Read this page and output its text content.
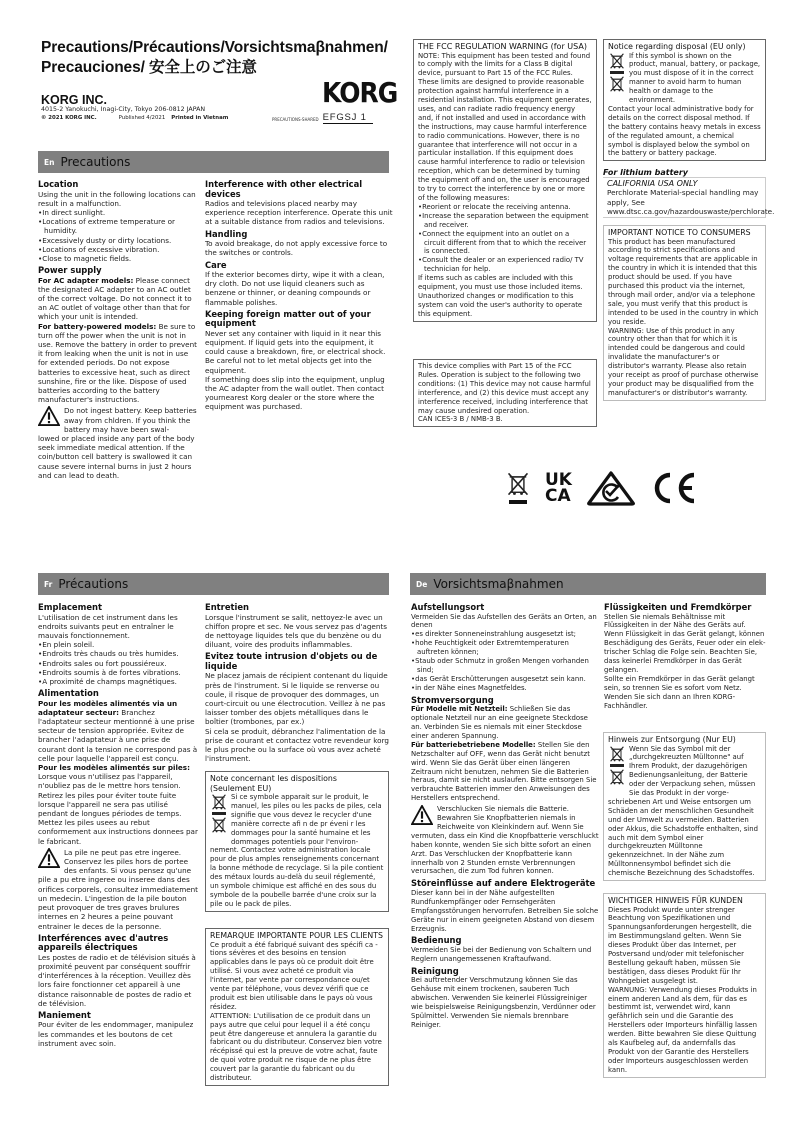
Precautions/Précautions/Vorsichtsmaβnahmen/
Precauciones/ 安全上のご注意
KORG INC.
4015-2 Yanokuchi, Inagi-City, Tokyo 206-0812 JAPAN
© 2021 KORG INC.	Published 4/2021 Printed in Vietnam
KORG
PRECAUTIONS-SHARED EFGSJ 1
En Precautions
Location

Using the unit in the following locations can result in a malfunction.

• In direct sunlight.
• Locations of extreme temperature or humidity.
• Excessively dusty or dirty locations.
• Locations of excessive vibration.
• Close to magnetic fields.
Power supply

For AC adapter models: Please connect the designated AC adapter to an AC outlet of the correct voltage. Do not connect it to an AC outlet of voltage other than that for which your unit is intended.

For battery-powered models: Be sure to turn off the power when the unit is not in use. Remove the battery in order to prevent it from leaking when the unit is not in use for extended periods. Do not expose batteries to excessive heat, such as direct sunshine, fire or the like. Dispose of used batteries according to the battery manufacturer's instructions.

Do not ingest battery. Keep batteries away from chldren. If you think the battery may have been swal-

lowed or placed inside any part of the body seek immediate medical attention. If the coin/button cell battery is swallowed it can cause severe internal burns in just 2 hours and can lead to death.

Interference with other electrical devices

Radios and televisions placed nearby may experience reception interference. Operate this unit at a suitable distance from radios and televisions.

Handling

To avoid breakage, do not apply excessive force to the switches or controls.

Care

If the exterior becomes dirty, wipe it with a clean, dry cloth. Do not use liquid cleaners such as benzene or thinner, or deaning compounds or flammable polishes.

Keeping foreign matter out of your equipment

Never set any container with liquid in it near this equipment. If liquid gets into the equipment, it could cause a breakdown, fire, or electrical shock. Be careful not to let metal objects get into the equipment.

If something does slip into the equipment, unplug the AC adapter from the wall outlet. Then contact yournearest Korg dealer or the store where the equipment was purchased.

THE FCC REGULATION WARNING (for USA)

NOTE: This equipment has been tested and found to comply with the limits for a Class B digital device, pursuant to Part 15 of the FCC Rules. These limits are designed to provide reasonable protection against harmful interference in a residential installation. This equipment generates, uses, and can radiate radio frequency energy and, if not installed and used in accordance with the instructions, may cause harmful interference to radio communications. However, there is no guarantee that interference will not occur in a particular installation. If this equipment does cause harmful interference to radio or television reception, which can be determined by turning the equipment off and on, the user is encouraged to try to correct the interference by one or more of the following measures:

• Reorient or relocate the receiving antenna.
• Increase the separation between the equipment and receiver.
• Connect the equipment into an outlet on a circuit different from that to which the receiver is connected.
• Consult the dealer or an experienced radio/ TV technician for help.

If items such as cables are included with this equipment, you must use those included items.

Unauthorized changes or modification to this system can void the user's authority to operate this equipment.

This device complies with Part 15 of the FCC Rules. Operation is subject to the following two conditions: (1) This device may not cause harmful interference, and (2) this device must accept any interference received, including interference that may cause undesired operation.

CAN ICES-3 B / NMB-3 B.

Notice regarding disposal (EU only)

If this symbol is shown on the product, manual, battery, or package, you must dispose of it in the correct manner to avoid harm to human health or damage to the environment.

Contact your local administrative body for details on the correct disposal method. If the battery contains heavy metals in excess of the regulated amount, a chemical symbol is displayed below the symbol on the battery or battery package.

For lithium battery
CALIFORNIA USA ONLY

Perchlorate Material-special handling may apply, See www.dtsc.ca.gov/hazardouswaste/perchlorate.

IMPORTANT NOTICE TO CONSUMERS

This product has been manufactured according to strict specifications and voltage requirements that are applicable in the country in which it is intended that this product should be used. If you have purchased this product via the internet, through mail order, and/or via a telephone sale, you must verify that this product is intended to be used in the country in which you reside.

WARNING: Use of this product in any country other than that for which it is intended could be dangerous and could invalidate the manufacturer's or distributor's warranty. Please also retain your receipt as proof of purchase otherwise your product may be disqualified from the manufacturer's or distributor's warranty.

UK
CA
Fr Précautions
Emplacement

L'utilisation de cet instrument dans les endroits suivants peut en entraîner le mauvais fonctionnement.

• En plein soleil.
• Endroits très chauds ou très humides.
• Endroits sales ou fort poussiéreux.
• Endroits soumis à de fortes vibrations.
• A proximité de champs magnétiques.
Alimentation

Pour les modèles alimentés via un adaptateur secteur: Branchez l'adaptateur secteur mentionné à une prise secteur de tension appropriée. Evitez de brancher l'adaptateur à une prise de courant dont la tension ne correspond pas à celle pour laquelle l'appareil est conçu.

Pour les modèles alimentés sur piles: Lorsque vous n'utilisez pas l'appareil, n'oubliez pas de le mettre hors tension. Retirez les piles pour éviter toute fuite lorsque l'appareil ne sera pas utilisé pendant de longues périodes de temps. Mettez les piles usees au rebut conformement aux instructions donnees par le fabricant.

La pile ne peut pas etre ingeree. Conservez les piles hors de portee des enfants. Si vous pensez qu'une

pile a pu etre ingeree ou inseree dans des orifices corporels, consultez immediatement un medecin. L'ingestion de la pile bouton peut provoquer de tres graves brulures internes en 2 heures a peine pouvant entrainer le deces de la personne.

Interférences avec d'autres appareils électriques

Les postes de radio et de télévision situés à proximité peuvent par conséquent souffrir d'interférences à la réception. Veuillez dès lors faire fonctionner cet appareil à une distance raisonnable de postes de radio et de télévision.

Maniement

Pour éviter de les endommager, manipulez les commandes et les boutons de cet instrument avec soin.

Entretien

Lorsque l'instrument se salit, nettoyez-le avec un chiffon propre et sec. Ne vous servez pas d'agents de nettoyage liquides tels que du benzène ou du diluant, voire des produits inflammables.

Evitez toute intrusion d'objets ou de liquide

Ne placez jamais de récipient contenant du liquide près de l'instrument. Si le liquide se renverse ou coule, il risque de provoquer des dommages, un court-circuit ou une électrocution. Veillez à ne pas laisser tomber des objets métalliques dans le boîtier (trombones, par ex.)

Si cela se produit, débranchez l'alimentation de la prise de courant et contactez votre revendeur korg le plus proche ou la surface où vous avez acheté l'instrument.

Note concernant les dispositions (Seulement EU)

Si ce symbole apparait sur le produit, le manuel, les piles ou les packs de piles, cela signifie que vous devez le recycler d'une manière correcte afi n de pr éveni r les dommages pour la santé humaine et les dommages potentiels pour l'environ-

nement. Contactez votre administration locale pour de plus amples renseignements concernant la bonne méthode de recyclage. Si la pile contient des métaux lourds au-delà du seuil réglementé, un symbole chimique est affiché en des sous du symbole de la poubelle barrée d'une croix sur la pile ou le pack de piles.

REMARQUE IMPORTANTE POUR LES CLIENTS

Ce produit a été fabriqué suivant des spécifi ca -tions sévères et des besoins en tension applicables dans le pays où ce produit doit être utilisé. Si vous avez acheté ce produit via l'internet, par vente par correspondance ou/et vente par téléphone, vous devez vérifi que ce produit est bien utilisable dans le pays où vous résidez.

ATTENTION: L'utilisation de ce produit dans un pays autre que celui pour lequel il a été conçu peut être dangereuse et annulera la garantie du fabricant ou du distributeur. Conservez bien votre récépissé qui est la preuve de votre achat, faute de quoi votre produit ne risque de ne plus être couvert par la garantie du fabricant ou du distributeur.

De Vorsichtsmaβnahmen
Aufstellungsort

Vermeiden Sie das Aufstellen des Geräts an Orten, an denen

• es direkter Sonneneinstrahlung ausgesetzt ist;
• hohe Feuchtigkeit oder Extremtemperaturen auftreten können;
• Staub oder Schmutz in großen Mengen vorhanden sind;
• das Gerät Erschütterungen ausgesetzt sein kann.
• in der Nähe eines Magnetfeldes.
Stromversorgung

Für Modelle mit Netzteil: Schließen Sie das optionale Netzteil nur an eine geeignete Steckdose an. Verbinden Sie es niemals mit einer Steckdose einer anderen Spannung.

Für batteriebetriebene Modelle: Stellen Sie den Netzschalter auf OFF, wenn das Gerät nicht benutzt wird. Wenn Sie das Gerät über einen längeren Zeitraum nicht benutzen, nehmen Sie die Batterien heraus, damit sie nicht auslaufen. Bitte entsorgen Sie verbrauchte Batterien immer den Anweisungen des Herstellers entsprechend.

Verschlucken Sie niemals die Batterie. Bewahren Sie Knopfbatterien niemals in Reichweite von Kleinkindern auf. Wenn Sie

vermuten, dass ein Kind die Knopfbatterie verschluckt haben konnte, wenden Sie sich bitte sofort an einen Arzt. Das Verschlucken der Knopfbatterie kann innerhalb von 2 Stunden ernste Verbrennungen verursachen, die zum Tod fuhren konnen.

Störeinflüsse auf andere Elektrogeräte

Dieser kann bei in der Nähe aufgestellten Rundfunkempfänger oder Fernsehgeräten Empfangsstörungen hervorrufen. Betreiben Sie solche Geräte nur in einem geeigneten Abstand von diesem Erzeugnis.

Bedienung

Vermeiden Sie bei der Bedienung von Schaltern und Reglern unangemessenen Kraftaufwand.

Reinigung

Bei auftretender Verschmutzung können Sie das Gehäuse mit einem trockenen, sauberen Tuch abwischen. Verwenden Sie keinerlei Flüssigreiniger wie beispielsweise Reinigungsbenzin, Verdünner oder Spülmittel. Verwenden Sie niemals brennbare Reiniger.

Flüssigkeiten und Fremdkörper

Stellen Sie niemals Behältnisse mit Flüssigkeiten in der Nähe des Geräts auf. Wenn Flüssigkeit in das Gerät gelangt, können Beschädigung des Geräts, Feuer oder ein elek-trischer Schlag die Folge sein. Beachten Sie, dass keinerlei Fremdkörper in das Gerät gelangen.

Sollte ein Fremdkörper in das Gerät gelangt sein, so trennen Sie es sofort vom Netz. Wenden Sie sich dann an Ihren KORG-Fachhändler.

Hinweis zur Entsorgung (Nur EU)

Wenn Sie das Symbol mit der „durchgekreuzten Mülltonne" auf Ihrem Produkt, der dazugehörigen Bedienungsanleitung, der Batterie oder der Verpackung sehen, müssen Sie das Produkt in der vorge-

schriebenen Art und Weise entsorgen um Schäden an der menschlichen Gesundheit und der Umwelt zu vermeiden. Batterien oder Akkus, die Schadstoffe enthalten, sind auch mit dem Symbol einer durchgekreuzten Mülltonne gekennzeichnet. In der Nähe zum Mülltonnensymbol befindet sich die chemische Bezeichnung des Schadstoffes.

WICHTIGER HINWEIS FÜR KUNDEN

Dieses Produkt wurde unter strenger Beachtung von Spezifikationen und Spannungsanforderungen hergestellt, die im Bestimmungsland gelten. Wenn Sie dieses Produkt über das Internet, per Postversand und/oder mit telefonischer Bestellung gekauft haben, müssen Sie bestätigen, dass dieses Produkt für Ihr Wohngebiet ausgelegt ist.

WARNUNG: Verwendung dieses Produkts in einem anderen Land als dem, für das es bestimmt ist, verwendet wird, kann gefährlich sein und die Garantie des Herstellers oder Importeurs hinfällig lassen werden. Bitte bewahren Sie diese Quittung als Kaufbeleg auf, da andernfalls das Produkt von der Garantie des Herstellers oder Importeurs ausgeschlossen werden kann.
